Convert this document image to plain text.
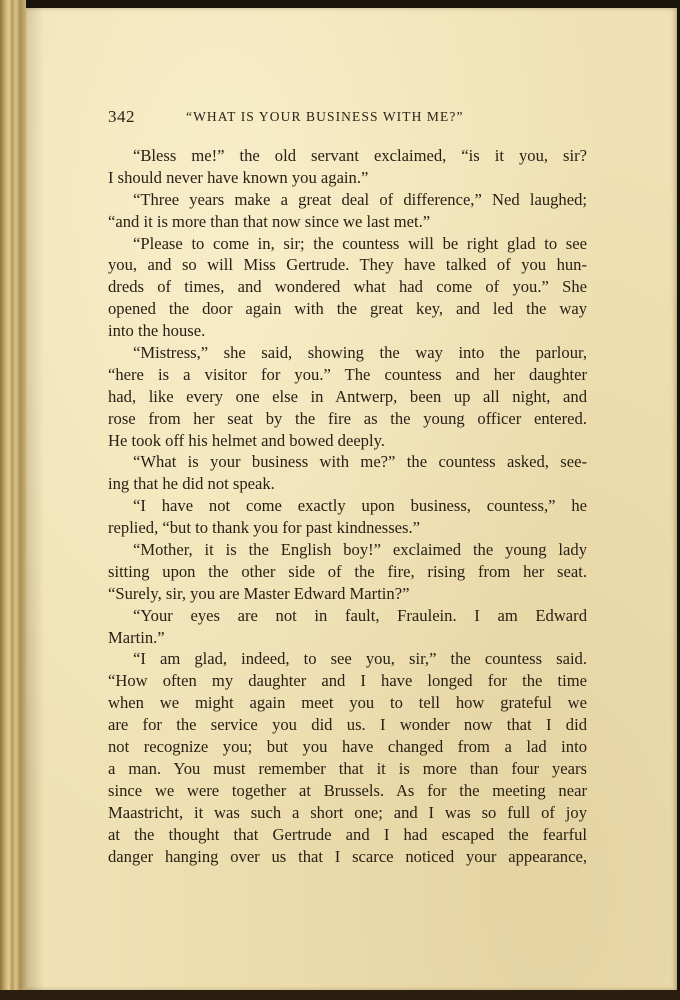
342	“WHAT IS YOUR BUSINESS WITH ME?”
“Bless me!” the old servant exclaimed, “is it you, sir?
I should never have known you again.”
“Three years make a great deal of difference,” Ned laughed;
“and it is more than that now since we last met.”
“Please to come in, sir; the countess will be right glad to see
you, and so will Miss Gertrude. They have talked of you hun-
dreds of times, and wondered what had come of you.” She
opened the door again with the great key, and led the way
into the house.
“Mistress,” she said, showing the way into the parlour,
“here is a visitor for you.” The countess and her daughter
had, like every one else in Antwerp, been up all night, and
rose from her seat by the fire as the young officer entered.
He took off his helmet and bowed deeply.
“What is your business with me?” the countess asked, see-
ing that he did not speak.
“I have not come exactly upon business, countess,” he
replied, “but to thank you for past kindnesses.”
“Mother, it is the English boy!” exclaimed the young lady
sitting upon the other side of the fire, rising from her seat.
“Surely, sir, you are Master Edward Martin?”
“Your eyes are not in fault, Fraulein. I am Edward
Martin.”
“I am glad, indeed, to see you, sir,” the countess said.
“How often my daughter and I have longed for the time
when we might again meet you to tell how grateful we
are for the service you did us. I wonder now that I did
not recognize you; but you have changed from a lad into
a man. You must remember that it is more than four years
since we were together at Brussels. As for the meeting near
Maastricht, it was such a short one; and I was so full of joy
at the thought that Gertrude and I had escaped the fearful
danger hanging over us that I scarce noticed your appearance,
